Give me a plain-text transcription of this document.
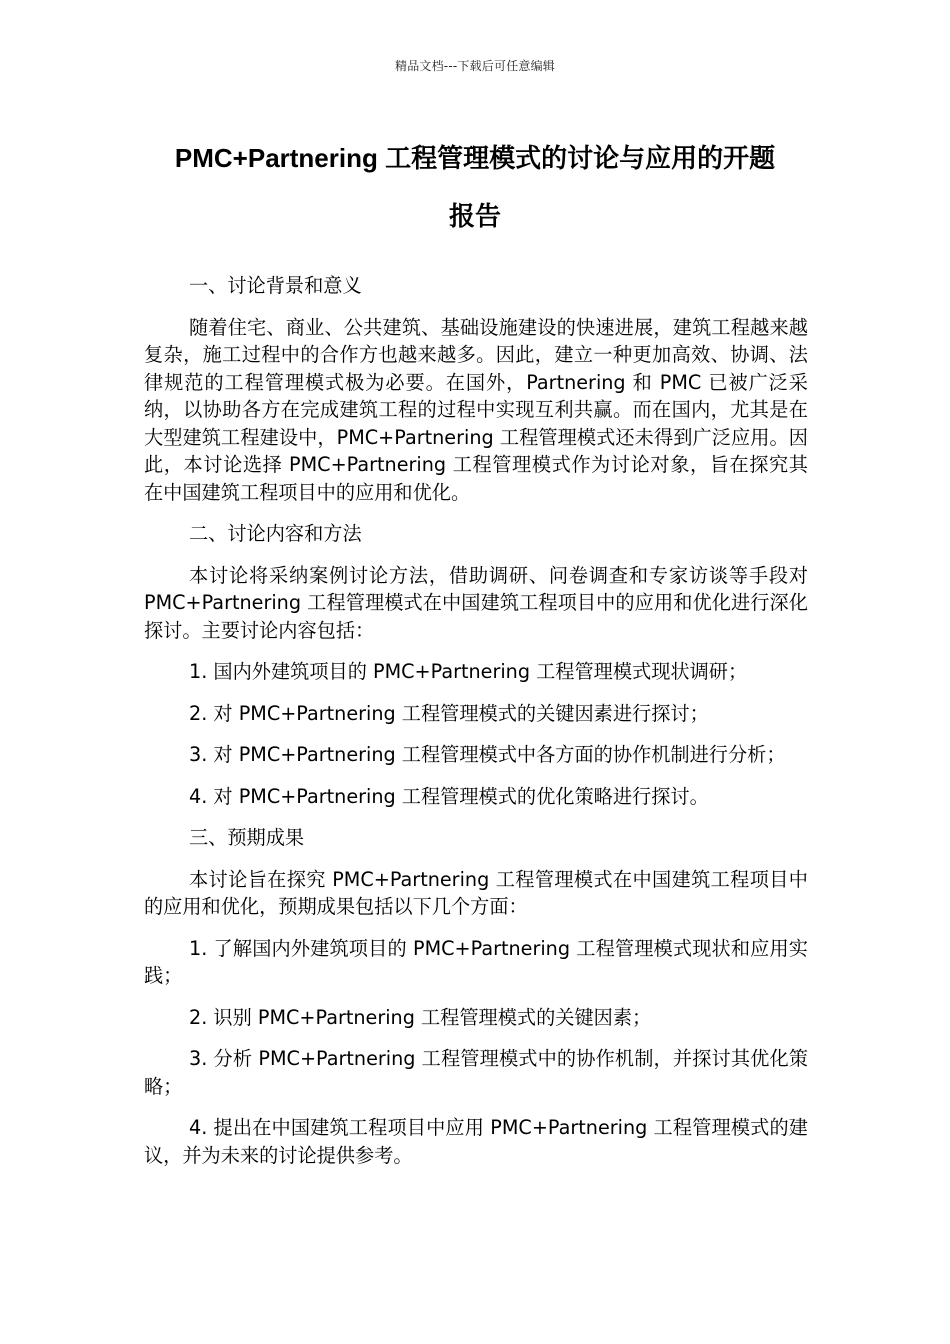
精品文档---下载后可任意编辑
PMC+Partnering 工程管理模式的讨论与应用的开题
报告

一、讨论背景和意义

随着住宅、商业、公共建筑、基础设施建设的快速进展，建筑工程越来越复杂，施工过程中的合作方也越来越多。因此，建立一种更加高效、协调、法律规范的工程管理模式极为必要。在国外，Partnering 和 PMC 已被广泛采纳，以协助各方在完成建筑工程的过程中实现互利共赢。而在国内，尤其是在大型建筑工程建设中，PMC+Partnering 工程管理模式还未得到广泛应用。因此，本讨论选择 PMC+Partnering 工程管理模式作为讨论对象，旨在探究其在中国建筑工程项目中的应用和优化。

二、讨论内容和方法

本讨论将采纳案例讨论方法，借助调研、问卷调查和专家访谈等手段对 PMC+Partnering 工程管理模式在中国建筑工程项目中的应用和优化进行深化探讨。主要讨论内容包括：

1. 国内外建筑项目的 PMC+Partnering 工程管理模式现状调研；

2. 对 PMC+Partnering 工程管理模式的关键因素进行探讨；

3. 对 PMC+Partnering 工程管理模式中各方面的协作机制进行分析；

4. 对 PMC+Partnering 工程管理模式的优化策略进行探讨。

三、预期成果

本讨论旨在探究 PMC+Partnering 工程管理模式在中国建筑工程项目中的应用和优化，预期成果包括以下几个方面：

1. 了解国内外建筑项目的 PMC+Partnering 工程管理模式现状和应用实践；

2. 识别 PMC+Partnering 工程管理模式的关键因素；

3. 分析 PMC+Partnering 工程管理模式中的协作机制，并探讨其优化策略；

4. 提出在中国建筑工程项目中应用 PMC+Partnering 工程管理模式的建议，并为未来的讨论提供参考。
